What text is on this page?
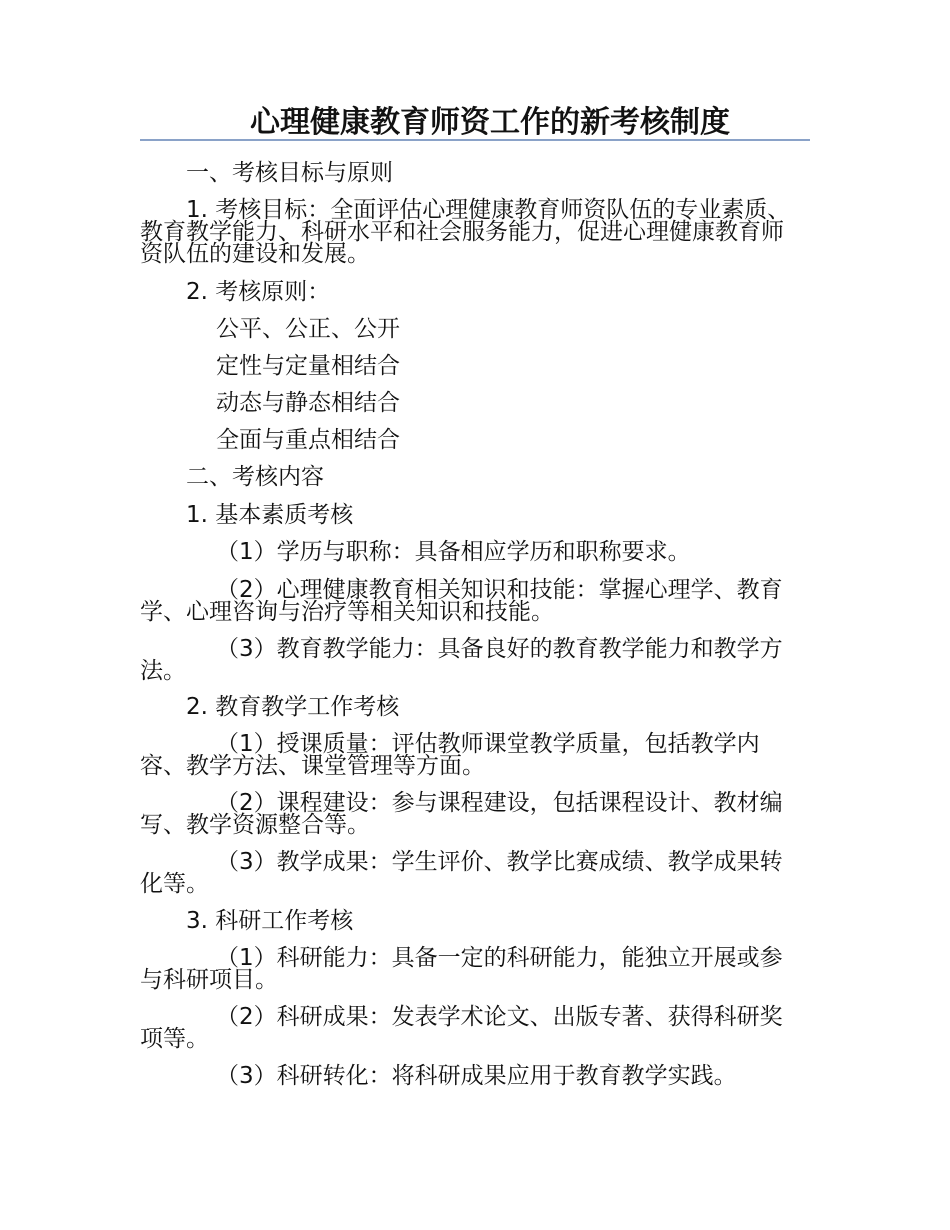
心理健康教育师资工作的新考核制度
一、考核目标与原则
1. 考核目标：全面评估心理健康教育师资队伍的专业素质、教育教学能力、科研水平和社会服务能力，促进心理健康教育师资队伍的建设和发展。
2. 考核原则：
公平、公正、公开
定性与定量相结合
动态与静态相结合
全面与重点相结合
二、考核内容
1. 基本素质考核
（1）学历与职称：具备相应学历和职称要求。
（2）心理健康教育相关知识和技能：掌握心理学、教育学、心理咨询与治疗等相关知识和技能。
（3）教育教学能力：具备良好的教育教学能力和教学方法。
2. 教育教学工作考核
（1）授课质量：评估教师课堂教学质量，包括教学内容、教学方法、课堂管理等方面。
（2）课程建设：参与课程建设，包括课程设计、教材编写、教学资源整合等。
（3）教学成果：学生评价、教学比赛成绩、教学成果转化等。
3. 科研工作考核
（1）科研能力：具备一定的科研能力，能独立开展或参与科研项目。
（2）科研成果：发表学术论文、出版专著、获得科研奖项等。
（3）科研转化：将科研成果应用于教育教学实践。
